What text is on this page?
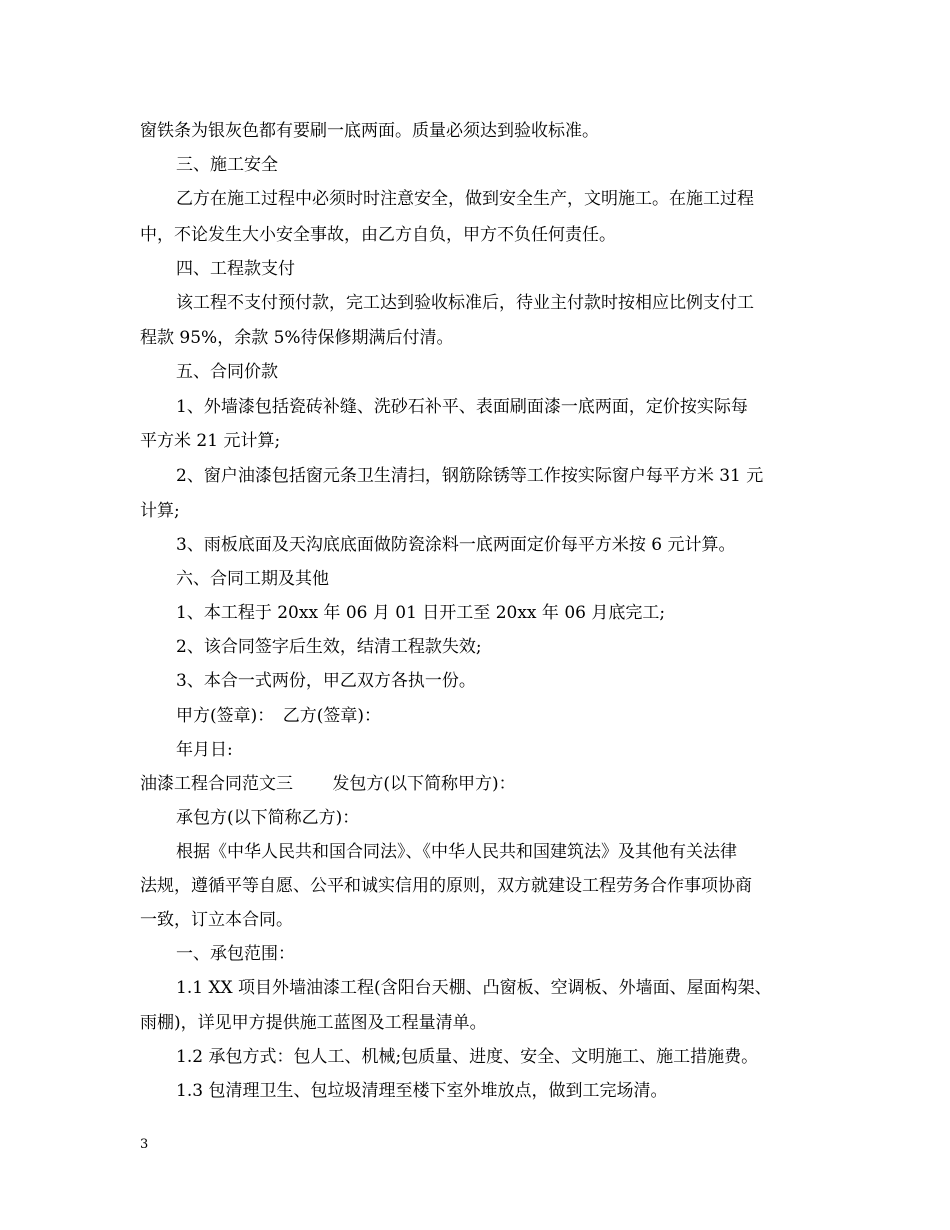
窗铁条为银灰色都有要刷一底两面。质量必须达到验收标准。
三、施工安全
乙方在施工过程中必须时时注意安全，做到安全生产，文明施工。在施工过程
中，不论发生大小安全事故，由乙方自负，甲方不负任何责任。
四、工程款支付
该工程不支付预付款，完工达到验收标准后，待业主付款时按相应比例支付工
程款 95%，余款 5%待保修期满后付清。
五、合同价款
1、外墙漆包括瓷砖补缝、洗砂石补平、表面刷面漆一底两面，定价按实际每
平方米 21 元计算;
2、窗户油漆包括窗元条卫生清扫，钢筋除锈等工作按实际窗户每平方米 31 元
计算;
3、雨板底面及天沟底底面做防瓷涂料一底两面定价每平方米按 6 元计算。
六、合同工期及其他
1、本工程于 20xx 年 06 月 01 日开工至 20xx 年 06 月底完工;
2、该合同签字后生效，结清工程款失效;
3、本合一式两份，甲乙双方各执一份。
甲方(签章)：　乙方(签章)：
年月日:
油漆工程合同范文三　　 发包方(以下简称甲方)：
承包方(以下简称乙方)：
根据《中华人民共和国合同法》、《中华人民共和国建筑法》及其他有关法律
法规，遵循平等自愿、公平和诚实信用的原则，双方就建设工程劳务合作事项协商
一致，订立本合同。
一、承包范围：
1.1 XX 项目外墙油漆工程(含阳台天棚、凸窗板、空调板、外墙面、屋面构架、
雨棚)，详见甲方提供施工蓝图及工程量清单。
1.2 承包方式：包人工、机械;包质量、进度、安全、文明施工、施工措施费。
1.3 包清理卫生、包垃圾清理至楼下室外堆放点，做到工完场清。
3
